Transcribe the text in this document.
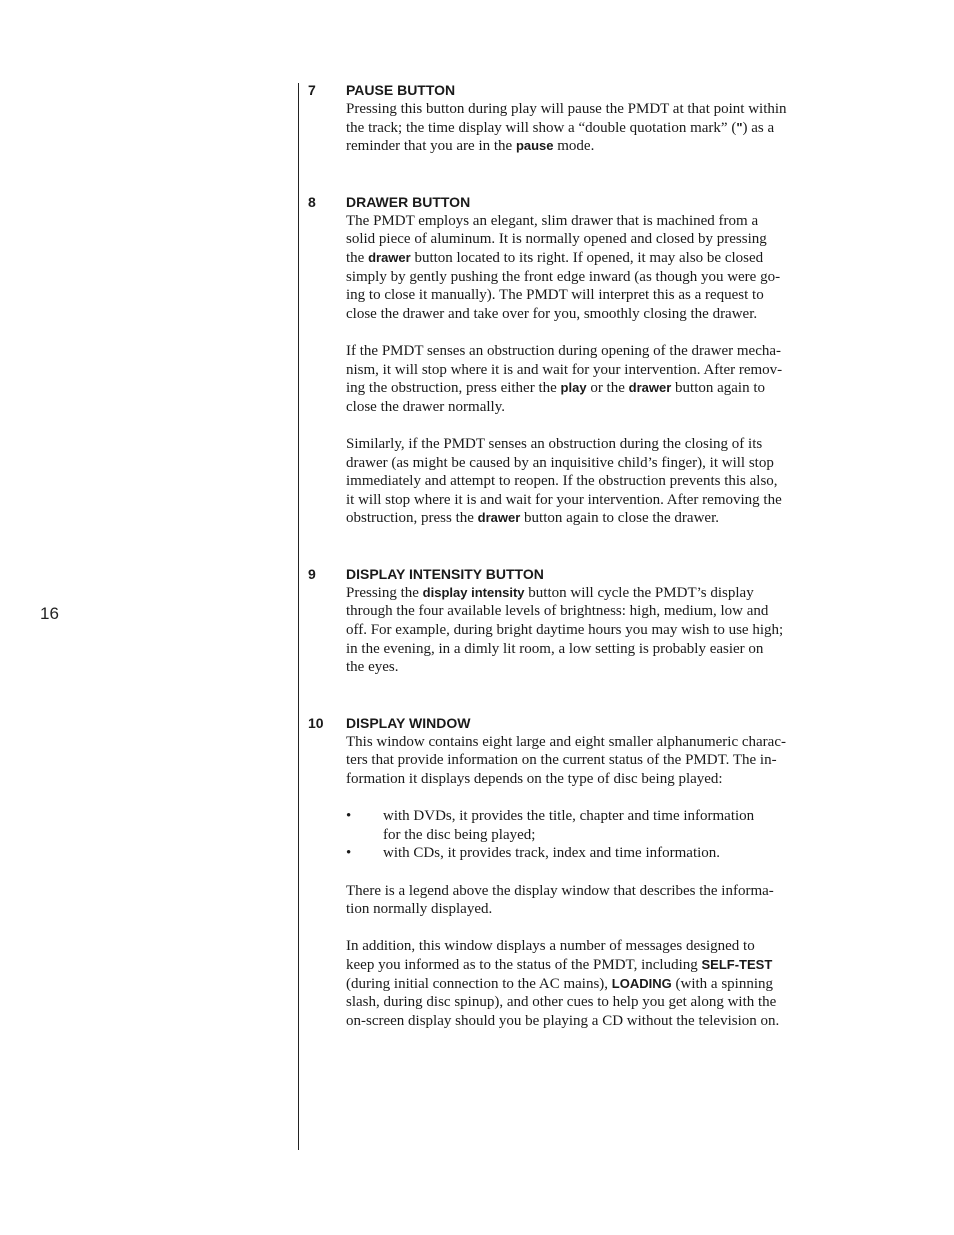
16
7 PAUSE BUTTON

Pressing this button during play will pause the PMDT at that point within
the track; the time display will show a “double quotation mark” (") as a
reminder that you are in the pause mode.

8 DRAWER BUTTON

The PMDT employs an elegant, slim drawer that is machined from a
solid piece of aluminum. It is normally opened and closed by pressing
the drawer button located to its right. If opened, it may also be closed
simply by gently pushing the front edge inward (as though you were go-
ing to close it manually). The PMDT will interpret this as a request to
close the drawer and take over for you, smoothly closing the drawer.

If the PMDT senses an obstruction during opening of the drawer mecha-
nism, it will stop where it is and wait for your intervention. After remov-
ing the obstruction, press either the play or the drawer button again to
close the drawer normally.

Similarly, if the PMDT senses an obstruction during the closing of its
drawer (as might be caused by an inquisitive child’s finger), it will stop
immediately and attempt to reopen. If the obstruction prevents this also,
it will stop where it is and wait for your intervention. After removing the
obstruction, press the drawer button again to close the drawer.

9 DISPLAY INTENSITY BUTTON

Pressing the display intensity button will cycle the PMDT’s display
through the four available levels of brightness: high, medium, low and
off. For example, during bright daytime hours you may wish to use high;
in the evening, in a dimly lit room, a low setting is probably easier on
the eyes.

10 DISPLAY WINDOW

This window contains eight large and eight smaller alphanumeric charac-
ters that provide information on the current status of the PMDT. The in-
formation it displays depends on the type of disc being played:

• with DVDs, it provides the title, chapter and time information
for the disc being played;
• with CDs, it provides track, index and time information.

There is a legend above the display window that describes the informa-
tion normally displayed.

In addition, this window displays a number of messages designed to
keep you informed as to the status of the PMDT, including SELF-TEST
(during initial connection to the AC mains), LOADING (with a spinning
slash, during disc spinup), and other cues to help you get along with the
on-screen display should you be playing a CD without the television on.
